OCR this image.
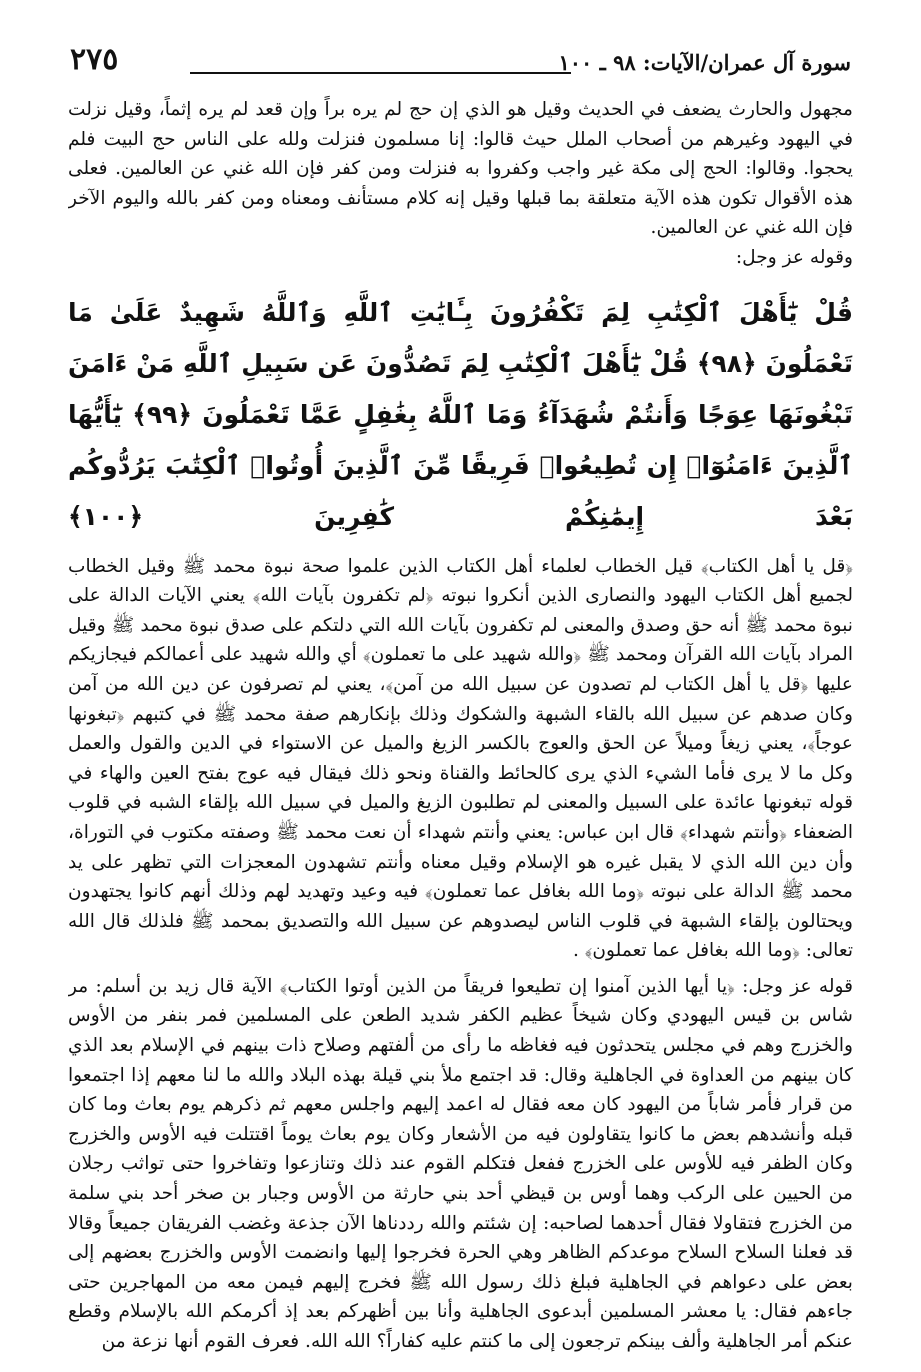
سورة آل عمران/الآيات: ٩٨ ـ ١٠٠
٢٧٥

مجهول والحارث يضعف في الحديث وقيل هو الذي إن حج لم يره براً وإن قعد لم يره إثماً، وقيل نزلت في اليهود وغيرهم من أصحاب الملل حيث قالوا: إنا مسلمون فنزلت ولله على الناس حج البيت فلم يحجوا. وقالوا: الحج إلى مكة غير واجب وكفروا به فنزلت ومن كفر فإن الله غني عن العالمين. فعلى هذه الأقوال تكون هذه الآية متعلقة بما قبلها وقيل إنه كلام مستأنف ومعناه ومن كفر بالله واليوم الآخر فإن الله غني عن العالمين.

وقوله عز وجل:

قُلْ يَٰٓأَهْلَ ٱلْكِتَٰبِ لِمَ تَكْفُرُونَ بِـَٔايَٰتِ ٱللَّهِ وَٱللَّهُ شَهِيدٌ عَلَىٰ مَا تَعْمَلُونَ ﴿٩٨﴾ قُلْ يَٰٓأَهْلَ ٱلْكِتَٰبِ لِمَ تَصُدُّونَ عَن سَبِيلِ ٱللَّهِ مَنْ ءَامَنَ تَبْغُونَهَا عِوَجًا وَأَنتُمْ شُهَدَآءُ وَمَا ٱللَّهُ بِغَٰفِلٍ عَمَّا تَعْمَلُونَ ﴿٩٩﴾ يَٰٓأَيُّهَا ٱلَّذِينَ ءَامَنُوٓا۟ إِن تُطِيعُوا۟ فَرِيقًا مِّنَ ٱلَّذِينَ أُوتُوا۟ ٱلْكِتَٰبَ يَرُدُّوكُم بَعْدَ إِيمَٰنِكُمْ كَٰفِرِينَ ﴿١٠٠﴾

﴿قل يا أهل الكتاب﴾ قيل الخطاب لعلماء أهل الكتاب الذين علموا صحة نبوة محمد ﷺ وقيل الخطاب لجميع أهل الكتاب اليهود والنصارى الذين أنكروا نبوته ﴿لم تكفرون بآيات الله﴾ يعني الآيات الدالة على نبوة محمد ﷺ أنه حق وصدق والمعنى لم تكفرون بآيات الله التي دلتكم على صدق نبوة محمد ﷺ وقيل المراد بآيات الله القرآن ومحمد ﷺ ﴿والله شهيد على ما تعملون﴾ أي والله شهيد على أعمالكم فيجازيكم عليها ﴿قل يا أهل الكتاب لم تصدون عن سبيل الله من آمن﴾، يعني لم تصرفون عن دين الله من آمن وكان صدهم عن سبيل الله بالقاء الشبهة والشكوك وذلك بإنكارهم صفة محمد ﷺ في كتبهم ﴿تبغونها عوجاً﴾، يعني زيغاً وميلاً عن الحق والعوج بالكسر الزيغ والميل عن الاستواء في الدين والقول والعمل وكل ما لا يرى فأما الشيء الذي يرى كالحائط والقناة ونحو ذلك فيقال فيه عوج بفتح العين والهاء في قوله تبغونها عائدة على السبيل والمعنى لم تطلبون الزيغ والميل في سبيل الله بإلقاء الشبه في قلوب الضعفاء ﴿وأنتم شهداء﴾ قال ابن عباس: يعني وأنتم شهداء أن نعت محمد ﷺ وصفته مكتوب في التوراة، وأن دين الله الذي لا يقبل غيره هو الإسلام وقيل معناه وأنتم تشهدون المعجزات التي تظهر على يد محمد ﷺ الدالة على نبوته ﴿وما الله بغافل عما تعملون﴾ فيه وعيد وتهديد لهم وذلك أنهم كانوا يجتهدون ويحتالون بإلقاء الشبهة في قلوب الناس ليصدوهم عن سبيل الله والتصديق بمحمد ﷺ فلذلك قال الله تعالى: ﴿وما الله بغافل عما تعملون﴾ .

قوله عز وجل: ﴿يا أيها الذين آمنوا إن تطيعوا فريقاً من الذين أوتوا الكتاب﴾ الآية قال زيد بن أسلم: مر شاس بن قيس اليهودي وكان شيخاً عظيم الكفر شديد الطعن على المسلمين فمر بنفر من الأوس والخزرج وهم في مجلس يتحدثون فيه فغاظه ما رأى من ألفتهم وصلاح ذات بينهم في الإسلام بعد الذي كان بينهم من العداوة في الجاهلية وقال: قد اجتمع ملأ بني قيلة بهذه البلاد والله ما لنا معهم إذا اجتمعوا من قرار فأمر شاباً من اليهود كان معه فقال له اعمد إليهم واجلس معهم ثم ذكرهم يوم بعاث وما كان قبله وأنشدهم بعض ما كانوا يتقاولون فيه من الأشعار وكان يوم بعاث يوماً اقتتلت فيه الأوس والخزرج وكان الظفر فيه للأوس على الخزرج ففعل فتكلم القوم عند ذلك وتنازعوا وتفاخروا حتى تواثب رجلان من الحيين على الركب وهما أوس بن قيظي أحد بني حارثة من الأوس وجبار بن صخر أحد بني سلمة من الخزرج فتقاولا فقال أحدهما لصاحبه: إن شئتم والله رددناها الآن جذعة وغضب الفريقان جميعاً وقالا قد فعلنا السلاح السلاح موعدكم الظاهر وهي الحرة فخرجوا إليها وانضمت الأوس والخزرج بعضهم إلى بعض على دعواهم في الجاهلية فبلغ ذلك رسول الله ﷺ فخرج إليهم فيمن معه من المهاجرين حتى جاءهم فقال: يا معشر المسلمين أبدعوى الجاهلية وأنا بين أظهركم بعد إذ أكرمكم الله بالإسلام وقطع عنكم أمر الجاهلية وألف بينكم ترجعون إلى ما كنتم عليه كفاراً؟ الله الله. فعرف القوم أنها نزعة من
